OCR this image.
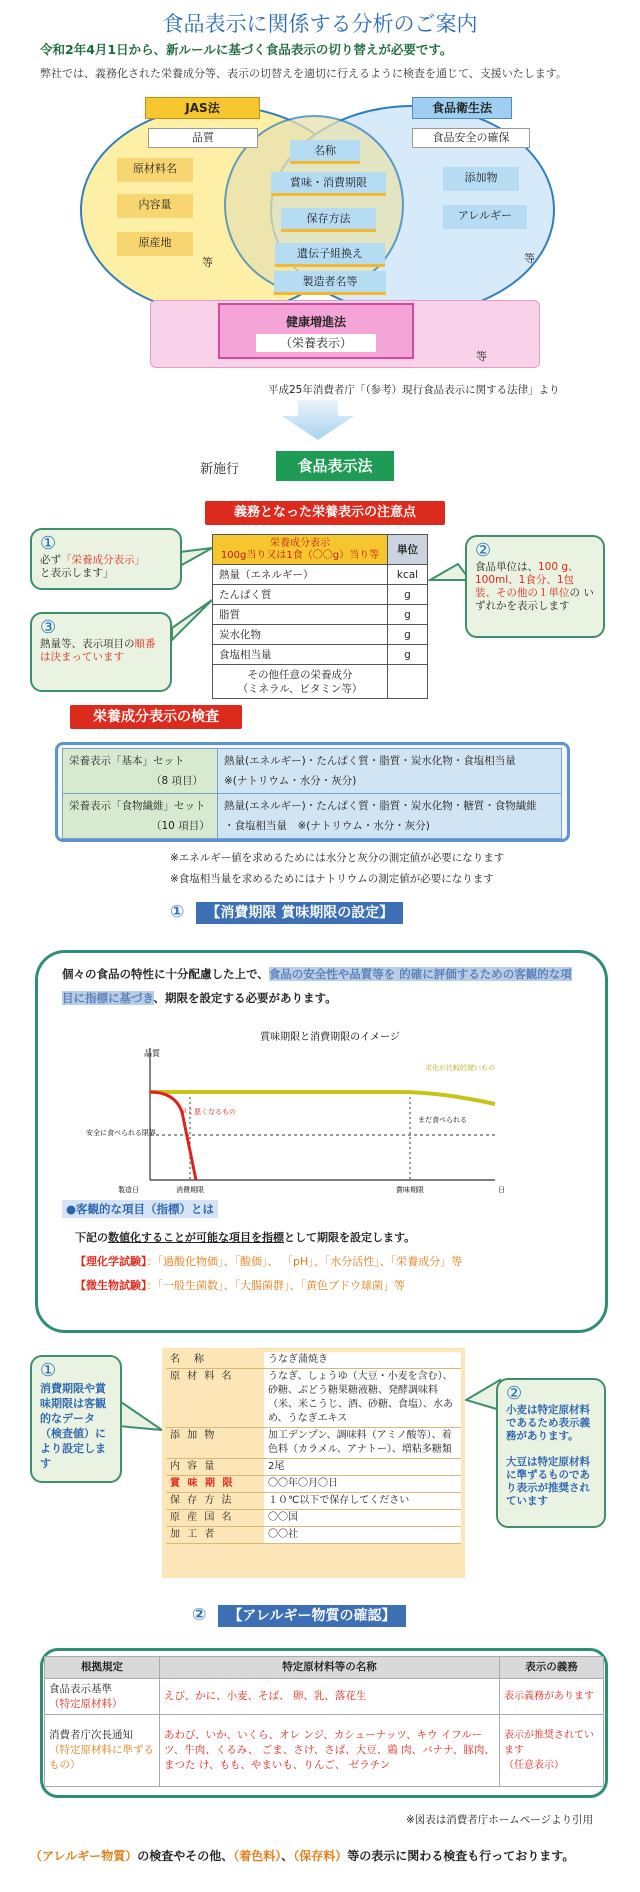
食品表示に関係する分析のご案内
令和2年4月1日から、新ルールに基づく食品表示の切り替えが必要です。
弊社では、義務化された栄養成分等、表示の切替えを適切に行えるように検査を通じて、支援いたします。
JAS法	食品衛生法
品質	食品安全の確保
原材料名
内容量
原産地
添加物
アレルギー
名称
賞味・消費期限
保存方法
遺伝子組換え
製造者名等
等	等
健康増進法
（栄養表示）
等
平成25年消費者庁「（参考）現行食品表示に関する法律」より
新施行	食品表示法
義務となった栄養表示の注意点
栄養成分表示
100g当り又は1食（〇〇g）当り等	単位
熱量（エネルギー）	kcal
たんぱく質	g
脂質	g
炭水化物	g
食塩相当量	g
その他任意の栄養成分
（ミネラル、ビタミン等）	
①
必ず「栄養成分表示」
と表示します」
②
食品単位は、100 g、100ml、1食分、1包装、その他の１単位の いずれかを表示します
③
熱量等、表示項目の順番は決まっています
栄養成分表示の検査
栄養表示「基本」セット
（8 項目）	熱量(エネルギー)・たんぱく質・脂質・炭水化物・食塩相当量
※(ナトリウム・水分・灰分)
栄養表示「食物繊維」セット
（10 項目）	熱量(エネルギー)・たんぱく質・脂質・炭水化物・糖質・食物繊維
・食塩相当量　※(ナトリウム・水分・灰分)
※エネルギー値を求めるためには水分と灰分の測定値が必要になります
※食塩相当量を求めるためにはナトリウムの測定値が必要になります
① 【消費期限 賞味期限の設定】
個々の食品の特性に十分配慮した上で、食品の安全性や品質等を 的確に評価するための客観的な項目に指標に基づき、期限を設定する必要があります。
賞味期限と消費期限のイメージ
品質
劣化が比較的遅いもの
早く悪くなるもの
安全に食べられる限界
まだ食べられる
製造日	消費期限	賞味期限	日
●客観的な項目（指標）とは
下記の数値化することが可能な項目を指標として期限を設定します。
【理化学試験】：「過酸化物価」、「酸価」、 「pH」、「水分活性」、「栄養成分」等
【微生物試験】：「一般生菌数」、「大腸菌群」、「黄色ブドウ球菌」等
①
消費期限や賞味期限は客観的なデータ（検査値）により設定します
名　称	うなぎ蒲焼き
原 材 料 名	うなぎ、しょうゆ（大豆・小麦を含む）、砂糖、ぶどう糖果糖液糖、発酵調味料（米、米こうじ、酒、砂糖、食塩）、水あめ、うなぎエキス
添 加 物	加工デンプン、調味料（アミノ酸等）、着色料（カラメル、アナトー）、増粘多糖類
内 容 量	2尾
賞 味 期 限	〇〇年〇月〇日
保 存 方 法	１０℃以下で保存してください
原 産 国 名	〇〇国
加 工 者	〇〇社
②
小麦は特定原材料であるため表示義務があります。

大豆は特定原材料に準ずるものであり表示が推奨されています
② 【アレルギー物質の確認】
根拠規定	特定原材料等の名称	表示の義務
食品表示基準
（特定原材料）	えび、かに、小麦、そば、 卵、乳、落花生	表示義務があります
消費者庁次長通知
（特定原材料に準ずるもの）	あわび、いか、いくら、オレ ンジ、カシューナッツ、キウ イフルーツ、牛肉、くるみ、 ごま、さけ、さば、大豆、鶏 肉、バナナ、豚肉、まつた け、もも、やまいも、りんご、 ゼラチン	表示が推奨されています
（任意表示）
※図表は消費者庁ホームページより引用
（アレルギー物質）の検査やその他、（着色料）、（保存料）等の表示に関わる検査も行っております。
